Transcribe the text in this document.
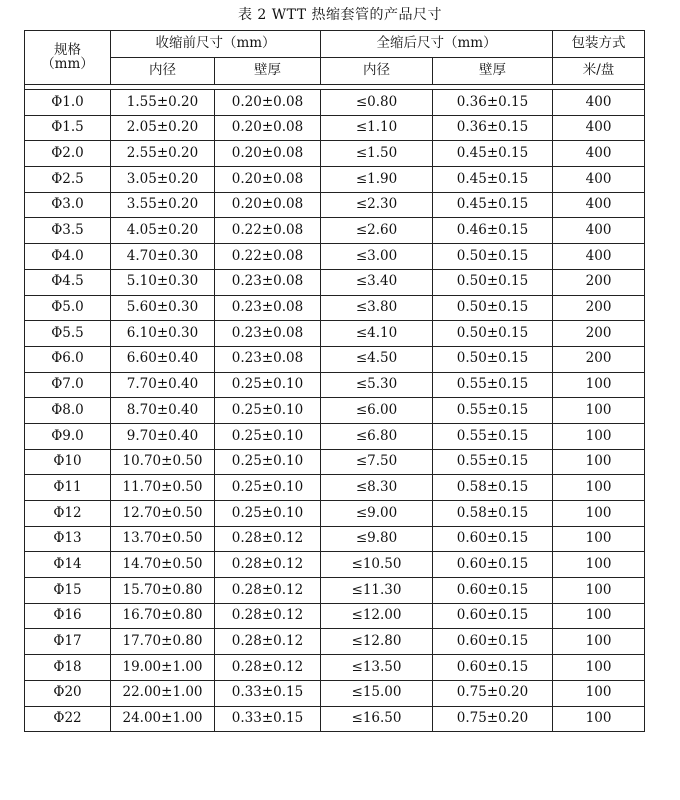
表 2 WTT 热缩套管的产品尺寸
规格
（mm）	收缩前尺寸（mm）		全缩后尺寸（mm）		包装方式
	内径	壁厚	内径	壁厚	米/盘

Φ1.0	1.55±0.20	0.20±0.08	≤0.80	0.36±0.15	400
Φ1.5	2.05±0.20	0.20±0.08	≤1.10	0.36±0.15	400
Φ2.0	2.55±0.20	0.20±0.08	≤1.50	0.45±0.15	400
Φ2.5	3.05±0.20	0.20±0.08	≤1.90	0.45±0.15	400
Φ3.0	3.55±0.20	0.20±0.08	≤2.30	0.45±0.15	400
Φ3.5	4.05±0.20	0.22±0.08	≤2.60	0.46±0.15	400
Φ4.0	4.70±0.30	0.22±0.08	≤3.00	0.50±0.15	400
Φ4.5	5.10±0.30	0.23±0.08	≤3.40	0.50±0.15	200
Φ5.0	5.60±0.30	0.23±0.08	≤3.80	0.50±0.15	200
Φ5.5	6.10±0.30	0.23±0.08	≤4.10	0.50±0.15	200
Φ6.0	6.60±0.40	0.23±0.08	≤4.50	0.50±0.15	200
Φ7.0	7.70±0.40	0.25±0.10	≤5.30	0.55±0.15	100
Φ8.0	8.70±0.40	0.25±0.10	≤6.00	0.55±0.15	100
Φ9.0	9.70±0.40	0.25±0.10	≤6.80	0.55±0.15	100
Φ10	10.70±0.50	0.25±0.10	≤7.50	0.55±0.15	100
Φ11	11.70±0.50	0.25±0.10	≤8.30	0.58±0.15	100
Φ12	12.70±0.50	0.25±0.10	≤9.00	0.58±0.15	100
Φ13	13.70±0.50	0.28±0.12	≤9.80	0.60±0.15	100
Φ14	14.70±0.50	0.28±0.12	≤10.50	0.60±0.15	100
Φ15	15.70±0.80	0.28±0.12	≤11.30	0.60±0.15	100
Φ16	16.70±0.80	0.28±0.12	≤12.00	0.60±0.15	100
Φ17	17.70±0.80	0.28±0.12	≤12.80	0.60±0.15	100
Φ18	19.00±1.00	0.28±0.12	≤13.50	0.60±0.15	100
Φ20	22.00±1.00	0.33±0.15	≤15.00	0.75±0.20	100
Φ22	24.00±1.00	0.33±0.15	≤16.50	0.75±0.20	100
